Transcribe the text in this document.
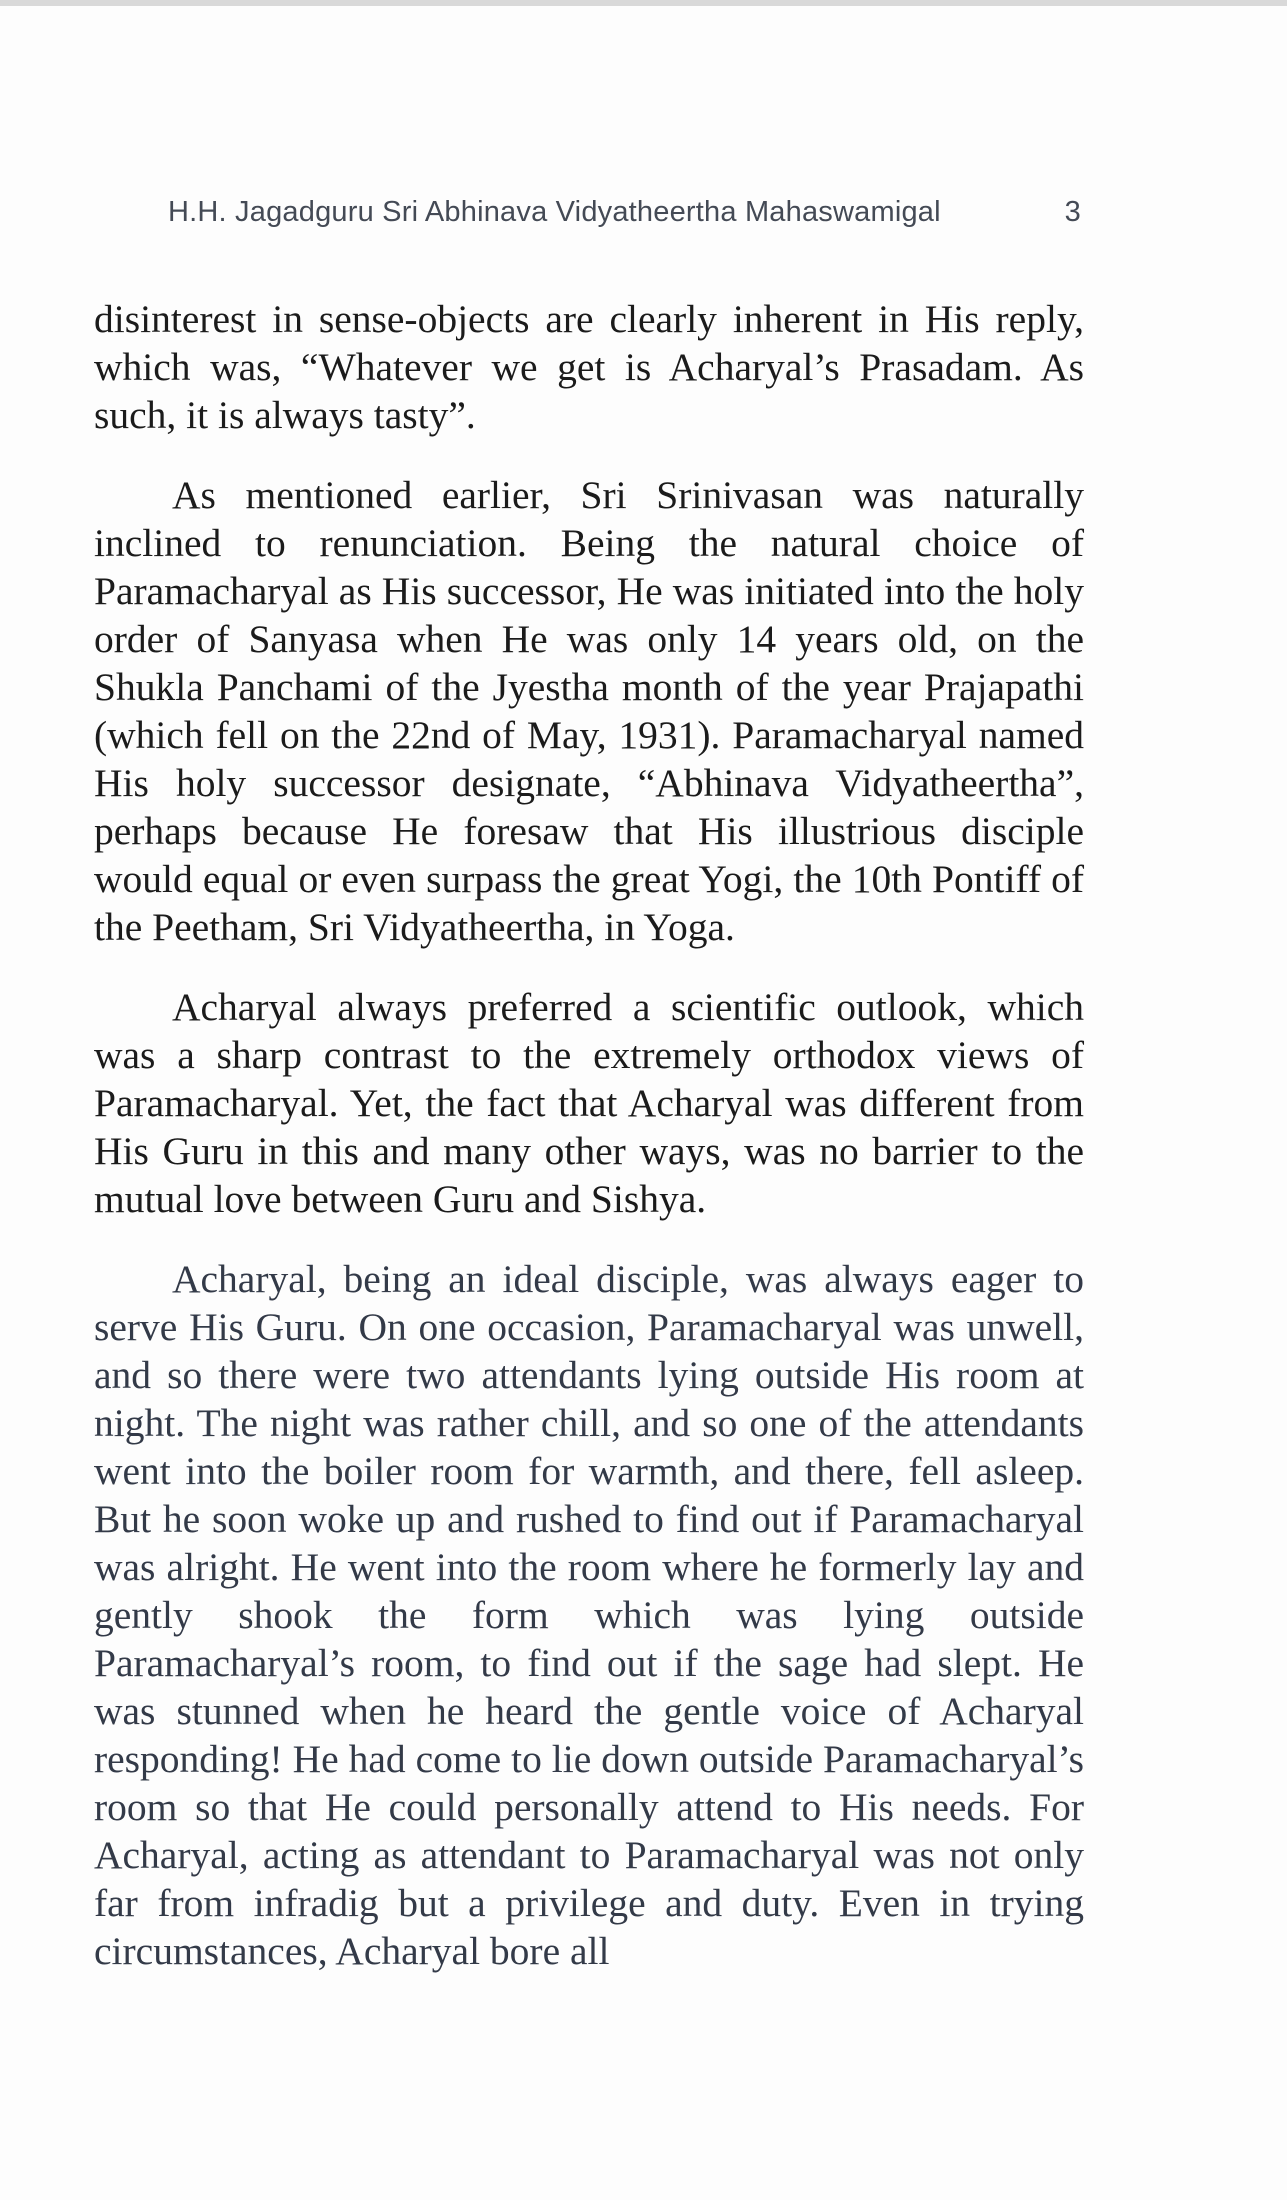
H.H. Jagadguru Sri Abhinava Vidyatheertha Mahaswamigal	3

disinterest in sense-objects are clearly inherent in His reply, which was, “Whatever we get is Acharyal’s Prasadam. As such, it is always tasty”.

As mentioned earlier, Sri Srinivasan was naturally inclined to renunciation. Being the natural choice of Paramacharyal as His successor, He was initiated into the holy order of Sanyasa when He was only 14 years old, on the Shukla Panchami of the Jyestha month of the year Prajapathi (which fell on the 22nd of May, 1931). Paramacharyal named His holy successor designate, “Abhinava Vidyatheertha”, perhaps because He foresaw that His illustrious disciple would equal or even surpass the great Yogi, the 10th Pontiff of the Peetham, Sri Vidyatheertha, in Yoga.

Acharyal always preferred a scientific outlook, which was a sharp contrast to the extremely orthodox views of Paramacharyal. Yet, the fact that Acharyal was different from His Guru in this and many other ways, was no barrier to the mutual love between Guru and Sishya.

Acharyal, being an ideal disciple, was always eager to serve His Guru. On one occasion, Paramacharyal was unwell, and so there were two attendants lying outside His room at night. The night was rather chill, and so one of the attendants went into the boiler room for warmth, and there, fell asleep. But he soon woke up and rushed to find out if Paramacharyal was alright. He went into the room where he formerly lay and gently shook the form which was lying outside Paramacharyal’s room, to find out if the sage had slept. He was stunned when he heard the gentle voice of Acharyal responding! He had come to lie down outside Paramacharyal’s room so that He could personally attend to His needs. For Acharyal, acting as attendant to Paramacharyal was not only far from infradig but a privilege and duty. Even in trying circumstances, Acharyal bore all
